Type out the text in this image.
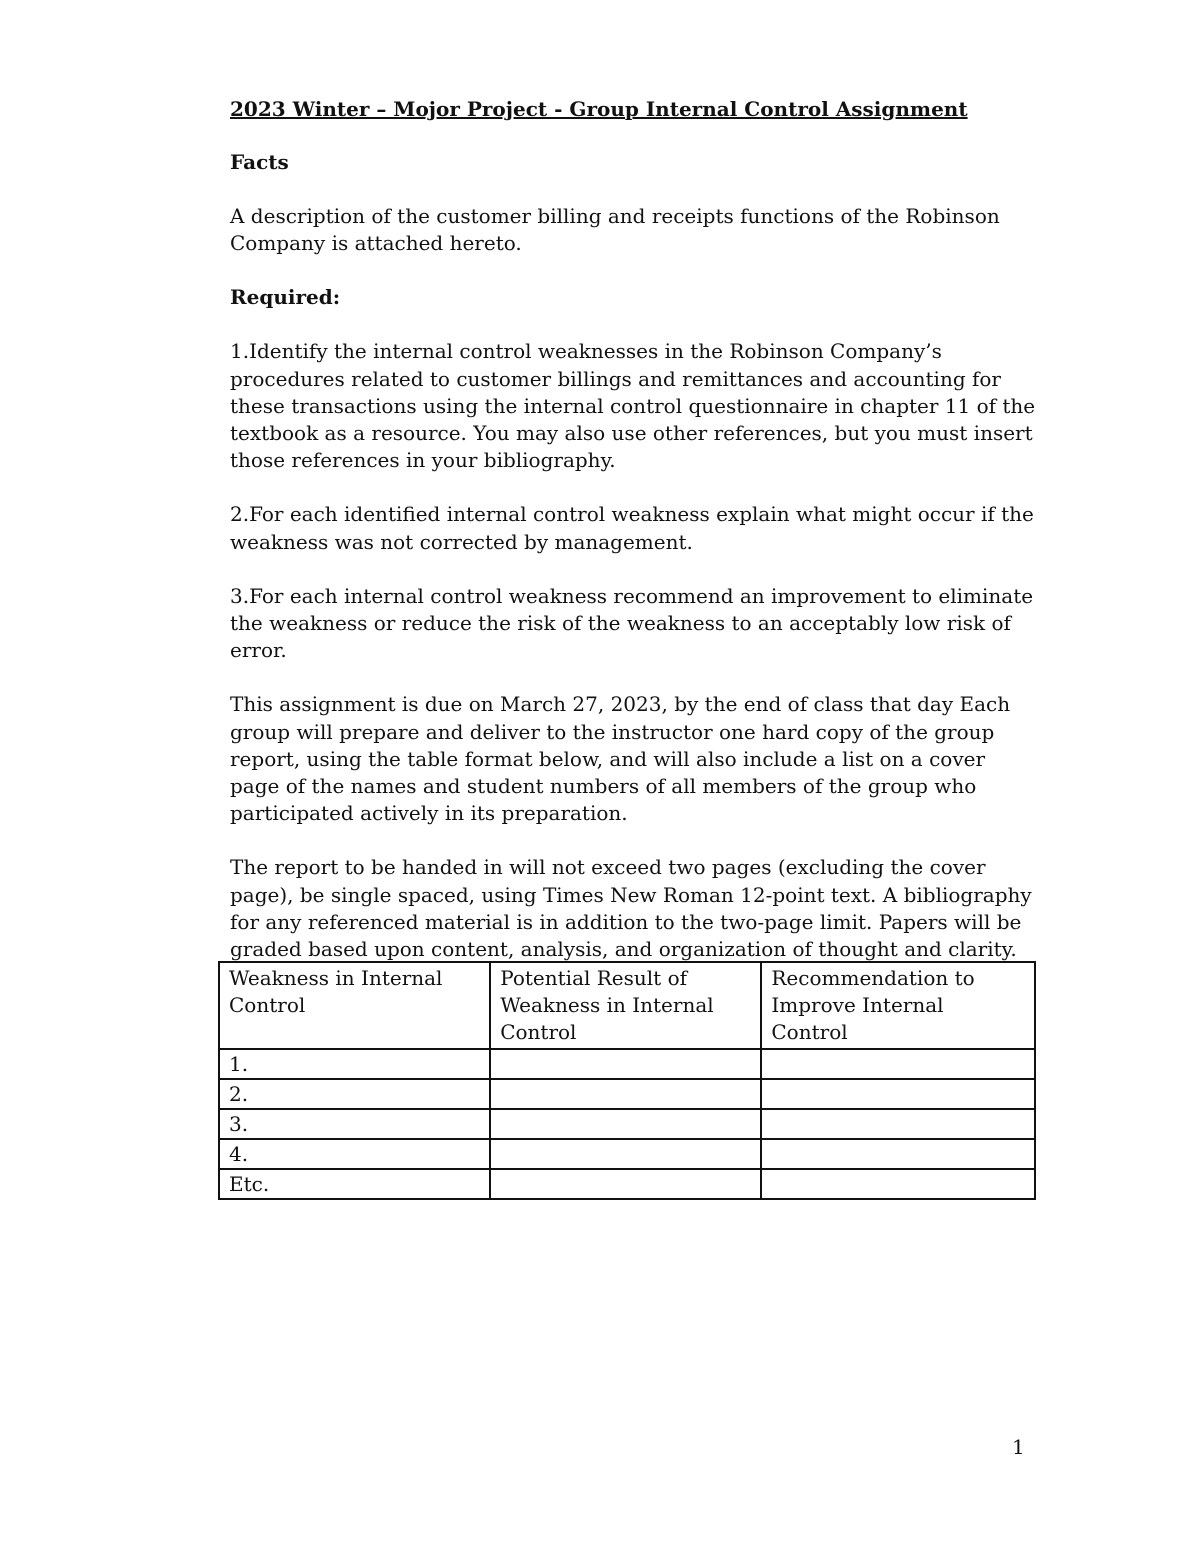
2023 Winter – Mojor Project - Group Internal Control Assignment
Facts
A description of the customer billing and receipts functions of the Robinson Company is attached hereto.
Required:
1.Identify the internal control weaknesses in the Robinson Company’s procedures related to customer billings and remittances and accounting for these transactions using the internal control questionnaire in chapter 11 of the textbook as a resource. You may also use other references, but you must insert those references in your bibliography.
2.For each identified internal control weakness explain what might occur if the weakness was not corrected by management.
3.For each internal control weakness recommend an improvement to eliminate the weakness or reduce the risk of the weakness to an acceptably low risk of error.
This assignment is due on March 27, 2023, by the end of class that day Each group will prepare and deliver to the instructor one hard copy of the group report, using the table format below, and will also include a list on a cover page of the names and student numbers of all members of the group who participated actively in its preparation.
The report to be handed in will not exceed two pages (excluding the cover page), be single spaced, using Times New Roman 12-point text. A bibliography for any referenced material is in addition to the two-page limit. Papers will be graded based upon content, analysis, and organization of thought and clarity.
Weakness in Internal Control	Potential Result of Weakness in Internal Control	Recommendation to Improve Internal Control
1.		
2.		
3.		
4.		
Etc.		
1
